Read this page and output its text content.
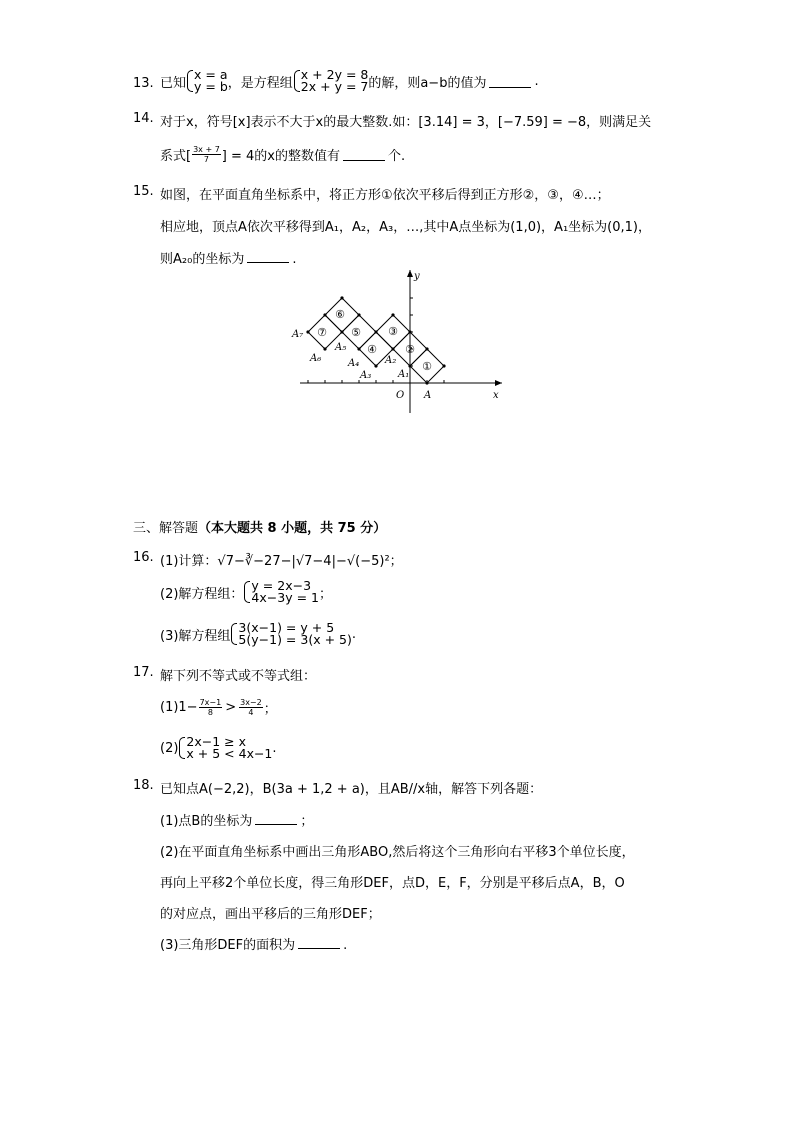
13. 已知
x = a
y = b ，是方程组
x + 2y = 8
2x + y = 7 的解，则a−b的值为	.
14. 对于x，符号[x]表示不大于x的最大整数.如：[3.14] = 3，[−7.59] = −8，则满足关
系式[ $\frac{3x + 7}{7}$ ] = 4的x的整数值有	个.
15. 如图，在平面直角坐标系中，将正方形①依次平移后得到正方形②，③，④…；
相应地，顶点A依次平移得到A₁，A₂，A₃，…,其中A点坐标为(1,0)，A₁坐标为(0,1)，
则A₂₀的坐标为	.
①
②
③
④
⑤
⑥
⑦
A₁
A₂
A₃
A₄
A₅
A₆
A₇
A
O	x
y
三、解答题（本大题共 8 小题，共 75 分）
16. (1)计算：√7−∛−27−|√7−4|−√(−5)²；
(2)解方程组：
y = 2x−3
4x−3y = 1 ；
(3)解方程组
3(x−1) = y + 5
5(y−1) = 3(x + 5) .
17. 解下列不等式或不等式组：
$(1)1- \frac{7x-1}{8} > \frac{3x-2}{4}$ ；
(2) 2x−1 ≥ x
x + 5 < 4x−1 .
18. 已知点A(−2,2)，B(3a + 1,2 + a)，且AB//x轴，解答下列各题：
(1)点B的坐标为	；
(2)在平面直角坐标系中画出三角形ABO,然后将这个三角形向右平移3个单位长度，
再向上平移2个单位长度，得三角形DEF，点D，E，F，分别是平移后点A，B，O
的对应点，画出平移后的三角形DEF；
(3)三角形DEF的面积为	.
